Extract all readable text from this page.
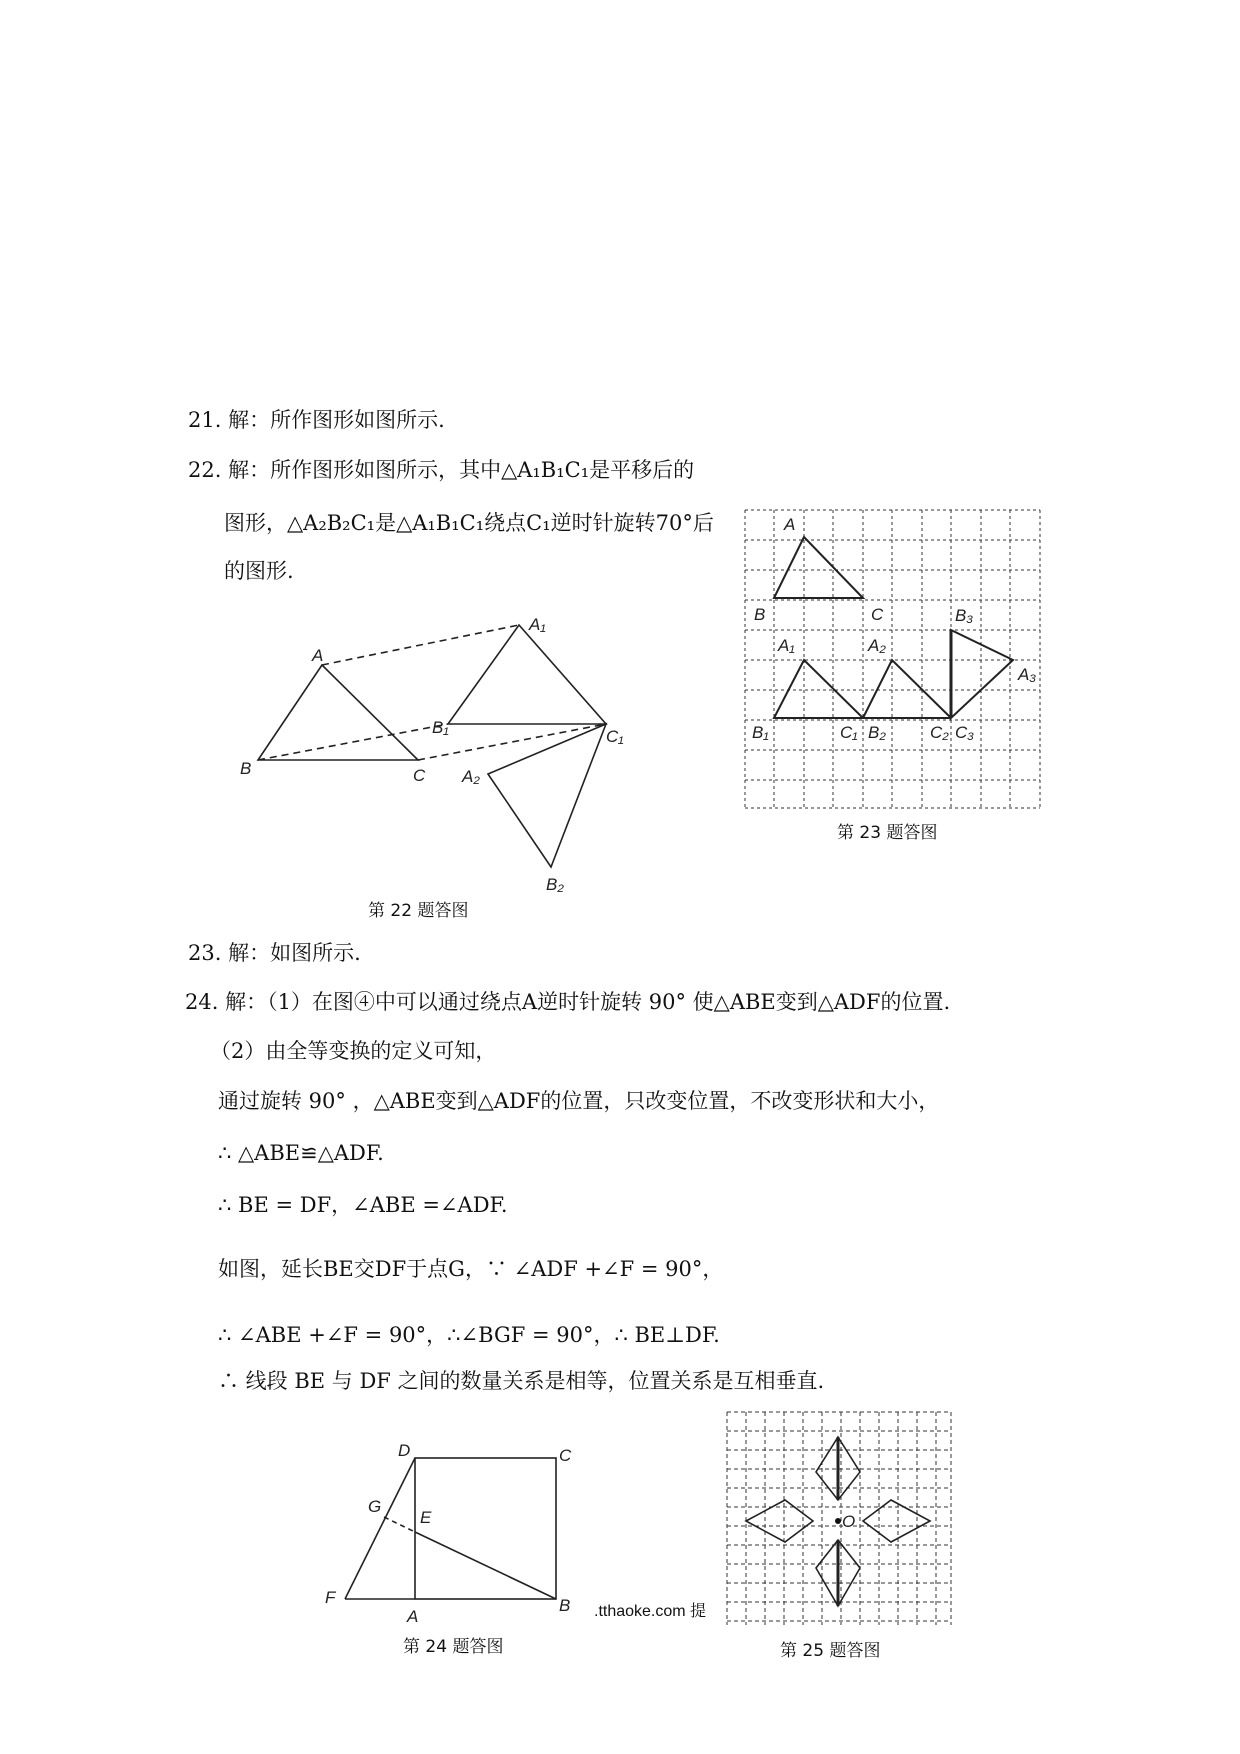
21. 解：所作图形如图所示.
22. 解：所作图形如图所示，其中△A₁B₁C₁是平移后的
图形，△A₂B₂C₁是△A₁B₁C₁绕点C₁逆时针旋转70°后
的图形.
23. 解：如图所示.
24. 解：（1）在图④中可以通过绕点A逆时针旋转 90° 使△ABE变到△ADF的位置.
（2）由全等变换的定义可知，
通过旋转 90° ，△ABE变到△ADF的位置，只改变位置，不改变形状和大小，
∴ △ABE≌△ADF.
∴ BE = DF，∠ABE =∠ADF.
如图，延长BE交DF于点G，∵ ∠ADF +∠F = 90°，
∴ ∠ABE +∠F = 90°，∴∠BGF = 90°，∴ BE⊥DF.
∴ 线段 BE 与 DF 之间的数量关系是相等，位置关系是互相垂直.
A
B	C
A₁
B₁	C₁
A₂
B₂
第 22 题答图
A
B	C
A₁	A₂
B₃
A₃
B₁	C₁ B₂	C₂ C₃
第 23 题答图
D	C
G
E
F
A
B
第 24 题答图
.tthaoke.com 提
O
第 25 题答图
